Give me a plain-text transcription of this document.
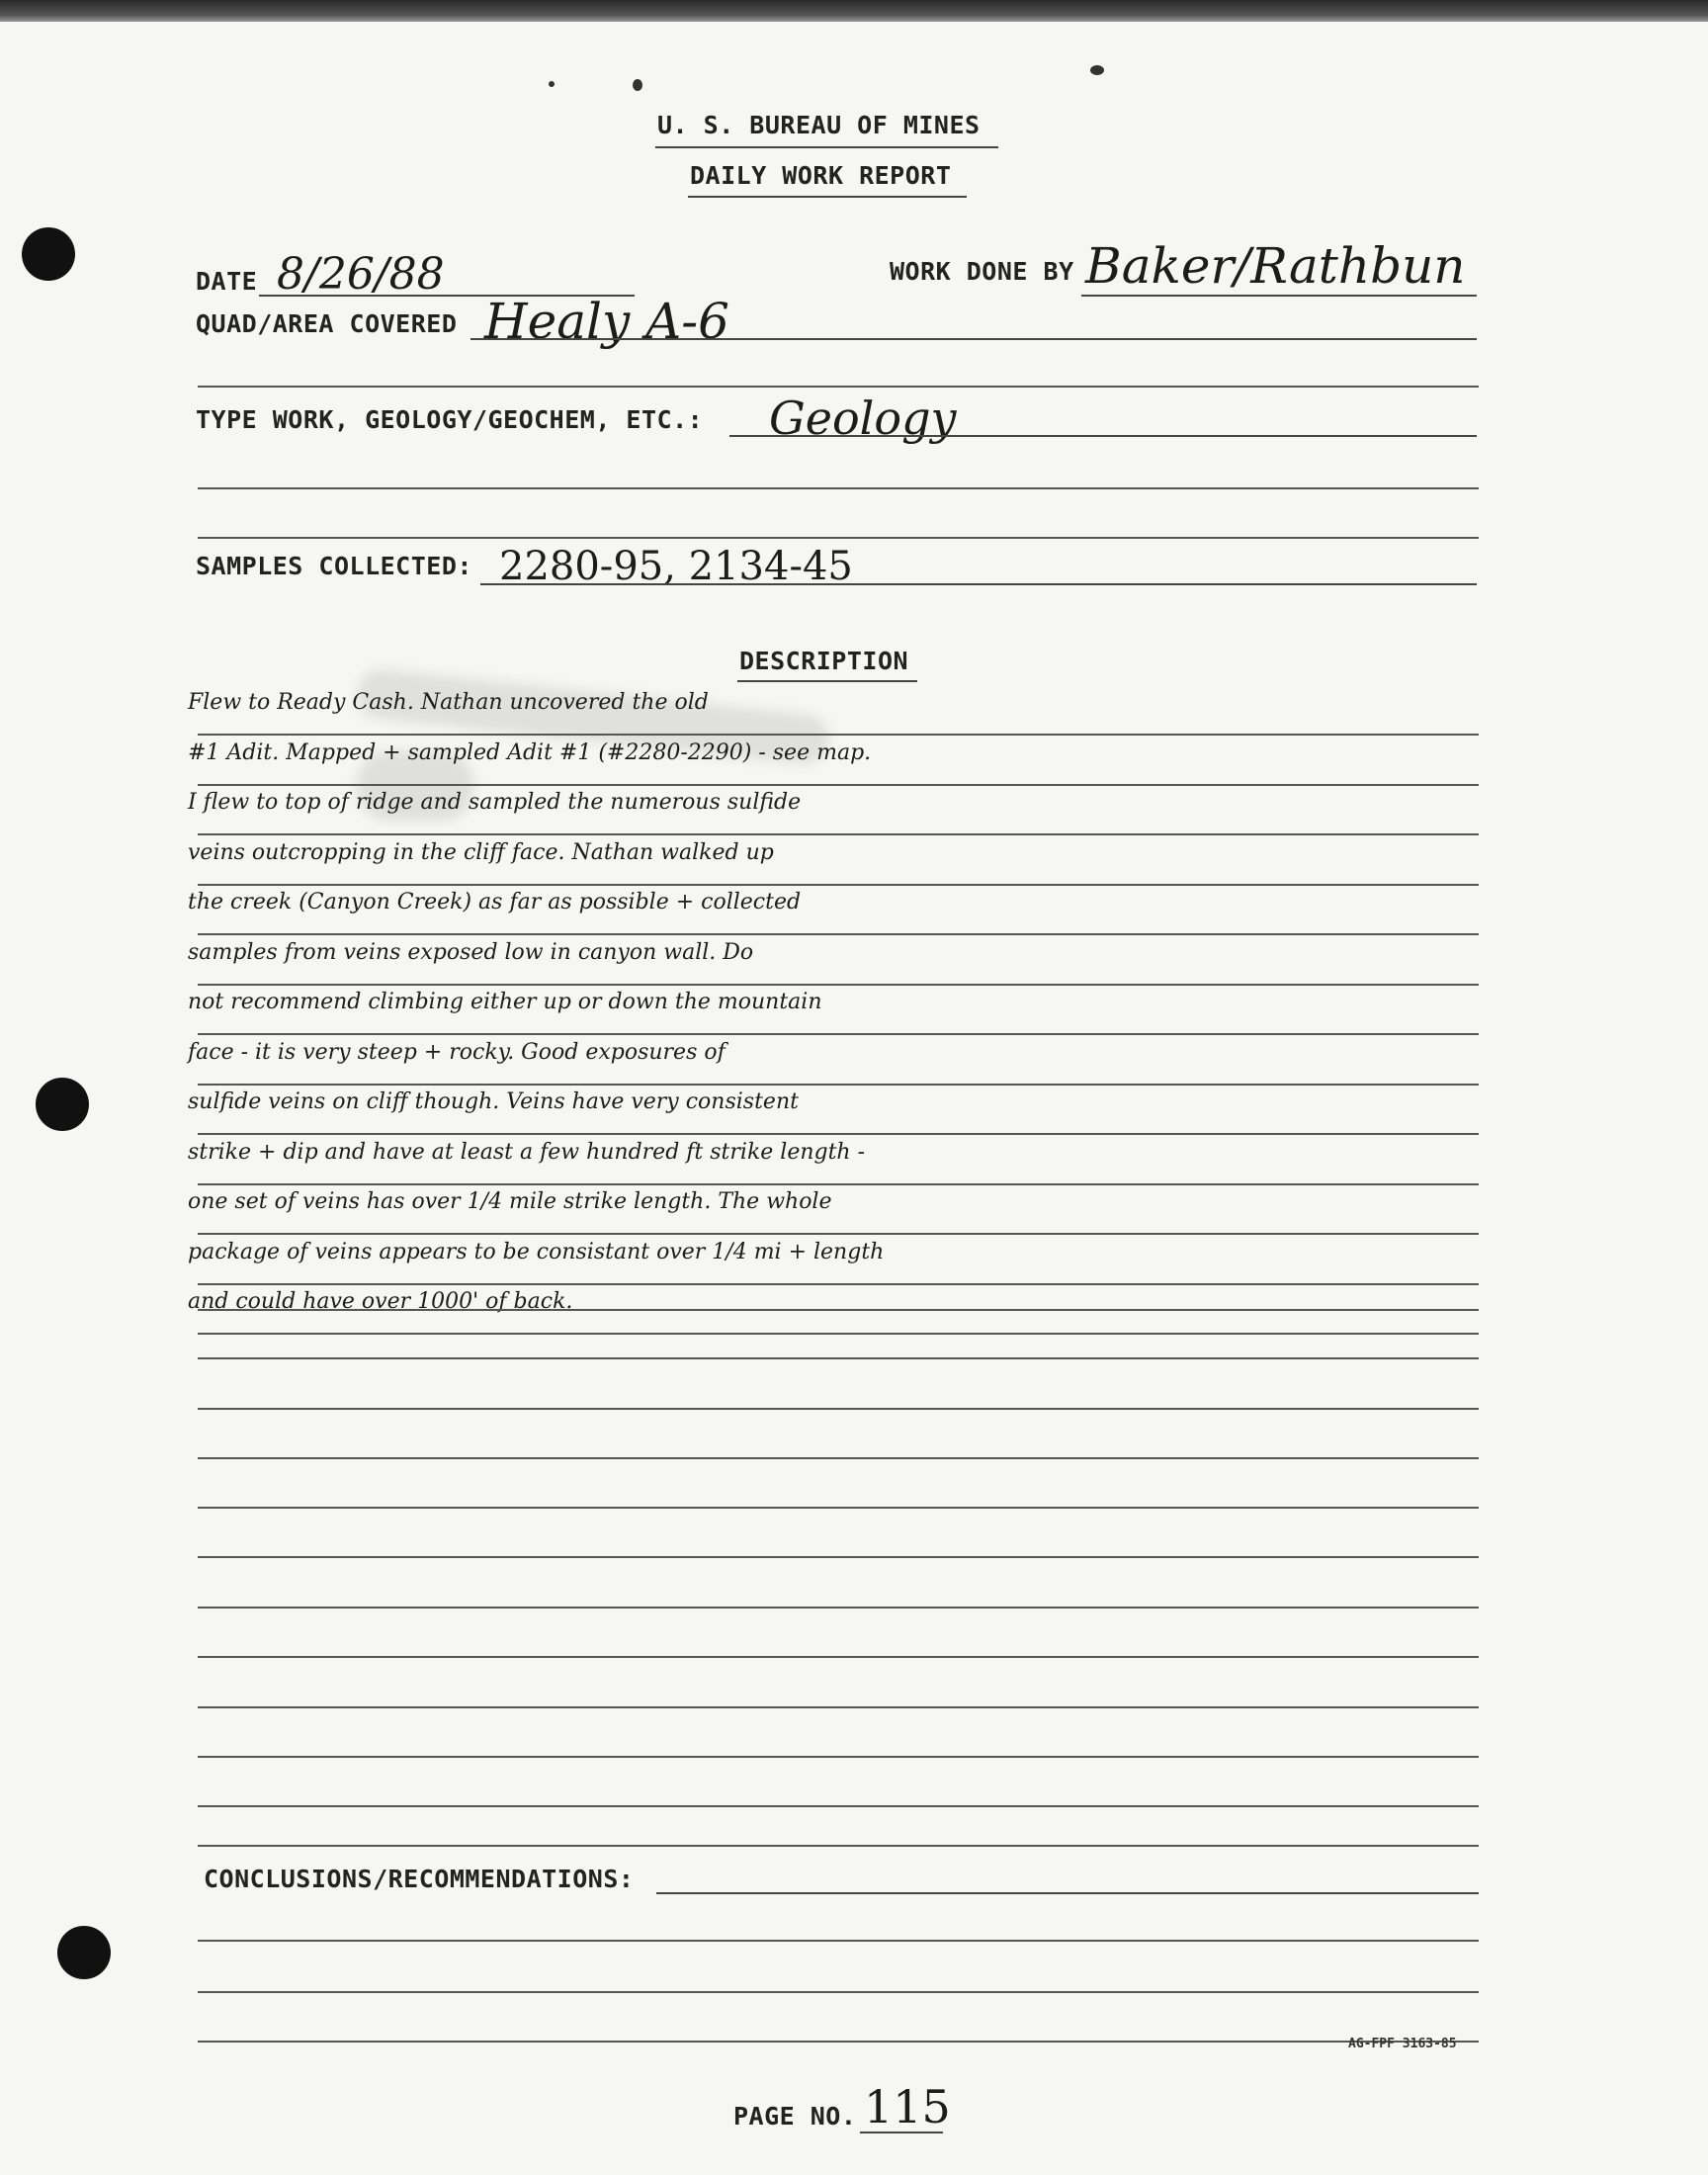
U. S. BUREAU OF MINES
DAILY WORK REPORT
DATE 8/26/88	WORK DONE BY Baker/Rathbun
QUAD/AREA COVERED Healy A-6
TYPE WORK, GEOLOGY/GEOCHEM, ETC.: Geology
SAMPLES COLLECTED: 2280-95, 2134-45
DESCRIPTION
Flew to Ready Cash. Nathan uncovered the old
#1 Adit. Mapped + sampled Adit #1 (#2280-2290) - see map.
I flew to top of ridge and sampled the numerous sulfide
veins outcropping in the cliff face. Nathan walked up
the creek (Canyon Creek) as far as possible + collected
samples from veins exposed low in canyon wall. Do
not recommend climbing either up or down the mountain
face - it is very steep + rocky. Good exposures of
sulfide veins on cliff though. Veins have very consistent
strike + dip and have at least a few hundred ft strike length -
one set of veins has over 1/4 mile strike length. The whole
package of veins appears to be consistant over 1/4 mi + length
and could have over 1000' of back.
CONCLUSIONS/RECOMMENDATIONS:
AG-FPF 3163-85
PAGE NO. 115
